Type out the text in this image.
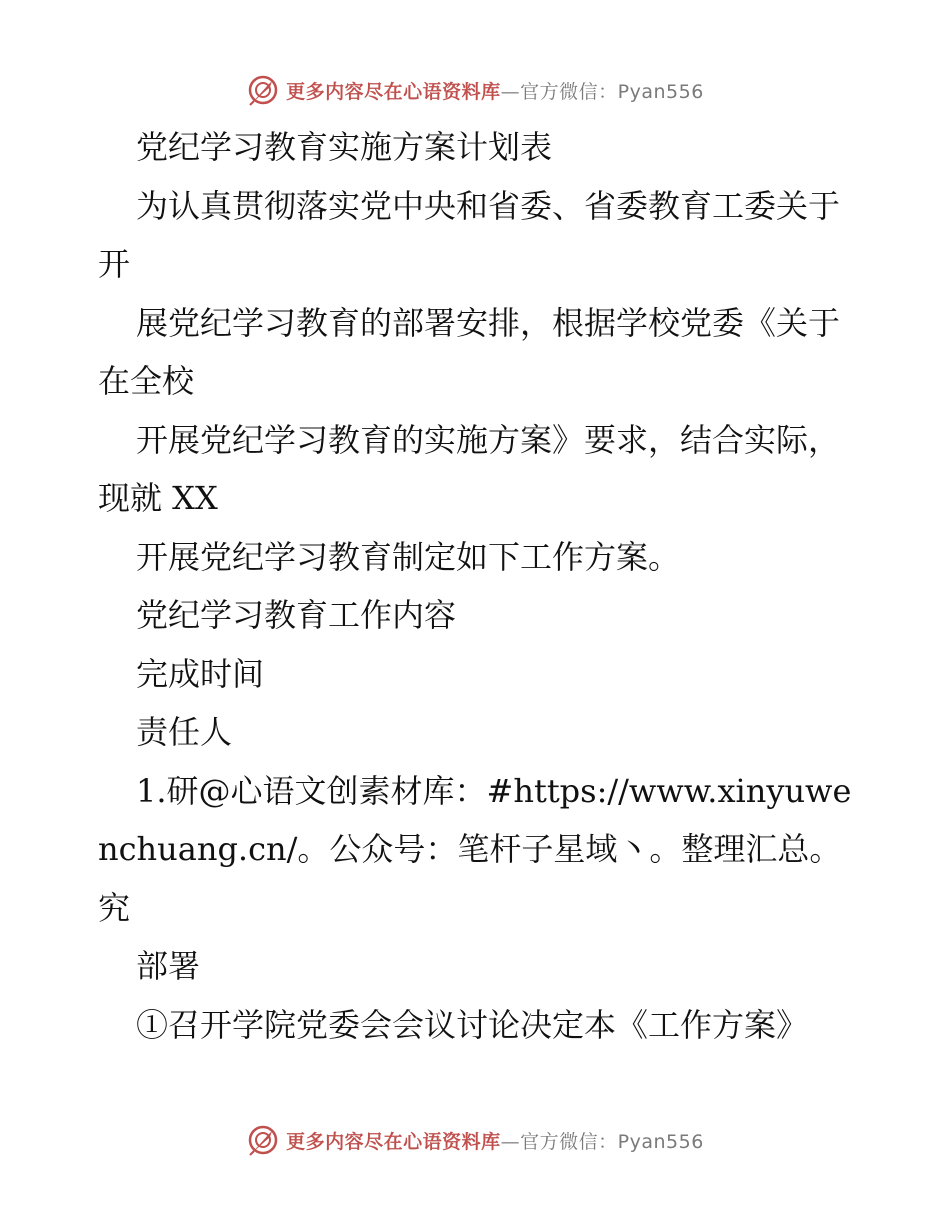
更多内容尽在心语资料库—官方微信：Pyan556

党纪学习教育实施方案计划表

为认真贯彻落实党中央和省委、省委教育工委关于开

展党纪学习教育的部署安排，根据学校党委《关于在全校

开展党纪学习教育的实施方案》要求，结合实际，现就 XX

开展党纪学习教育制定如下工作方案。

党纪学习教育工作内容

完成时间

责任人

1.研@心语文创素材库：#https://www.xinyuwenchuang.cn/。公众号：笔杆子星域丶。整理汇总。究

部署

①召开学院党委会会议讨论决定本《工作方案》

更多内容尽在心语资料库—官方微信：Pyan556
